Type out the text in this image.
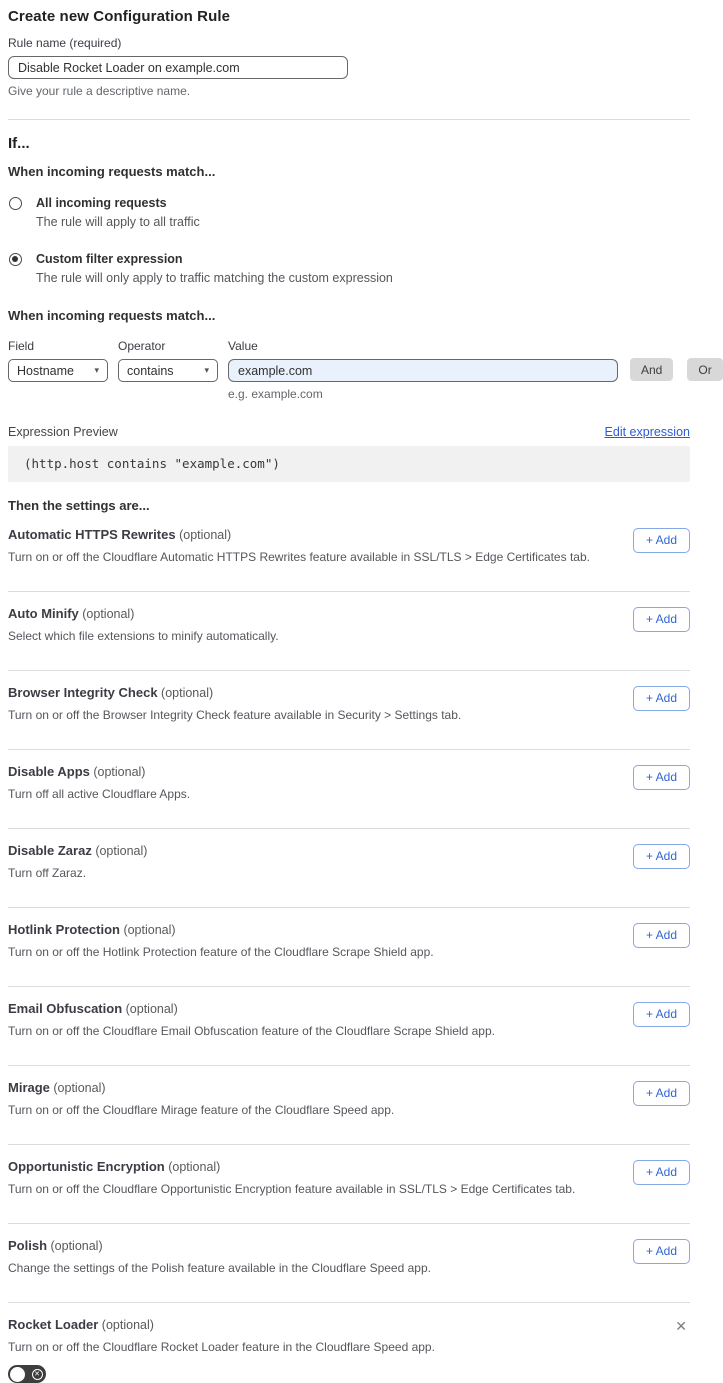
Create new Configuration Rule
Rule name (required)
Disable Rocket Loader on example.com
Give your rule a descriptive name.
If...
When incoming requests match...
All incoming requests
The rule will apply to all traffic
Custom filter expression
The rule will only apply to traffic matching the custom expression
When incoming requests match...
Field
Hostname ▾
Operator
contains	▾
Value
example.com
e.g. example.com
And	Or
Expression Preview	Edit expression
(http.host contains "example.com")
Then the settings are...
Automatic HTTPS Rewrites (optional)
Turn on or off the Cloudflare Automatic HTTPS Rewrites feature available in SSL/TLS > Edge Certificates tab.
+ Add
Auto Minify (optional)
Select which file extensions to minify automatically.
+ Add
Browser Integrity Check (optional)
Turn on or off the Browser Integrity Check feature available in Security > Settings tab.
+ Add
Disable Apps (optional)
Turn off all active Cloudflare Apps.
+ Add
Disable Zaraz (optional)
Turn off Zaraz.
+ Add
Hotlink Protection (optional)
Turn on or off the Hotlink Protection feature of the Cloudflare Scrape Shield app.
+ Add
Email Obfuscation (optional)
Turn on or off the Cloudflare Email Obfuscation feature of the Cloudflare Scrape Shield app.
+ Add
Mirage (optional)
Turn on or off the Cloudflare Mirage feature of the Cloudflare Speed app.
+ Add
Opportunistic Encryption (optional)
Turn on or off the Cloudflare Opportunistic Encryption feature available in SSL/TLS > Edge Certificates tab.
+ Add
Polish (optional)
Change the settings of the Polish feature available in the Cloudflare Speed app.
+ Add
Rocket Loader (optional)
Turn on or off the Cloudflare Rocket Loader feature in the Cloudflare Speed app.
✕
✕
